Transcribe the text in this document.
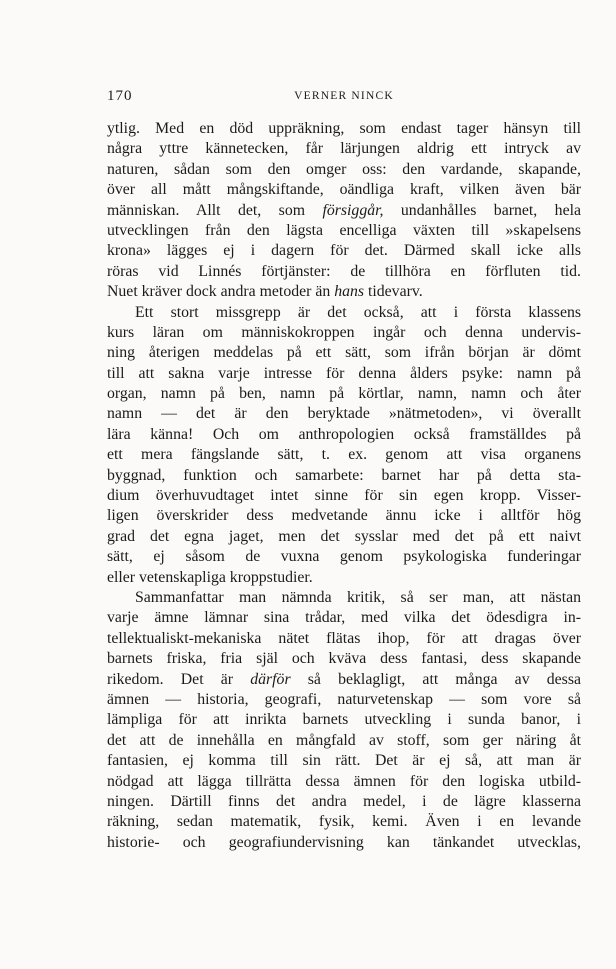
170	VERNER NINCK
ytlig. Med en död uppräkning, som endast tager hänsyn till
några yttre kännetecken, får lärjungen aldrig ett intryck av
naturen, sådan som den omger oss: den vardande, skapande,
över all mått mångskiftande, oändliga kraft, vilken även bär
människan. Allt det, som försiggår, undanhålles barnet, hela
utvecklingen från den lägsta encelliga växten till »skapelsens
krona» lägges ej i dagern för det. Därmed skall icke alls
röras vid Linnés förtjänster: de tillhöra en förfluten tid.
Nuet kräver dock andra metoder än hans tidevarv.
Ett stort missgrepp är det också, att i första klassens
kurs läran om människokroppen ingår och denna undervis-
ning återigen meddelas på ett sätt, som ifrån början är dömt
till att sakna varje intresse för denna ålders psyke: namn på
organ, namn på ben, namn på körtlar, namn, namn och åter
namn — det är den beryktade »nätmetoden», vi överallt
lära känna! Och om anthropologien också framställdes på
ett mera fängslande sätt, t. ex. genom att visa organens
byggnad, funktion och samarbete: barnet har på detta sta-
dium överhuvudtaget intet sinne för sin egen kropp. Visser-
ligen överskrider dess medvetande ännu icke i alltför hög
grad det egna jaget, men det sysslar med det på ett naivt
sätt, ej såsom de vuxna genom psykologiska funderingar
eller vetenskapliga kroppstudier.
Sammanfattar man nämnda kritik, så ser man, att nästan
varje ämne lämnar sina trådar, med vilka det ödesdigra in-
tellektualiskt-mekaniska nätet flätas ihop, för att dragas över
barnets friska, fria själ och kväva dess fantasi, dess skapande
rikedom. Det är därför så beklagligt, att många av dessa
ämnen — historia, geografi, naturvetenskap — som vore så
lämpliga för att inrikta barnets utveckling i sunda banor, i
det att de innehålla en mångfald av stoff, som ger näring åt
fantasien, ej komma till sin rätt. Det är ej så, att man är
nödgad att lägga tillrätta dessa ämnen för den logiska utbild-
ningen. Därtill finns det andra medel, i de lägre klasserna
räkning, sedan matematik, fysik, kemi. Även i en levande
historie- och geografiundervisning kan tänkandet utvecklas,
